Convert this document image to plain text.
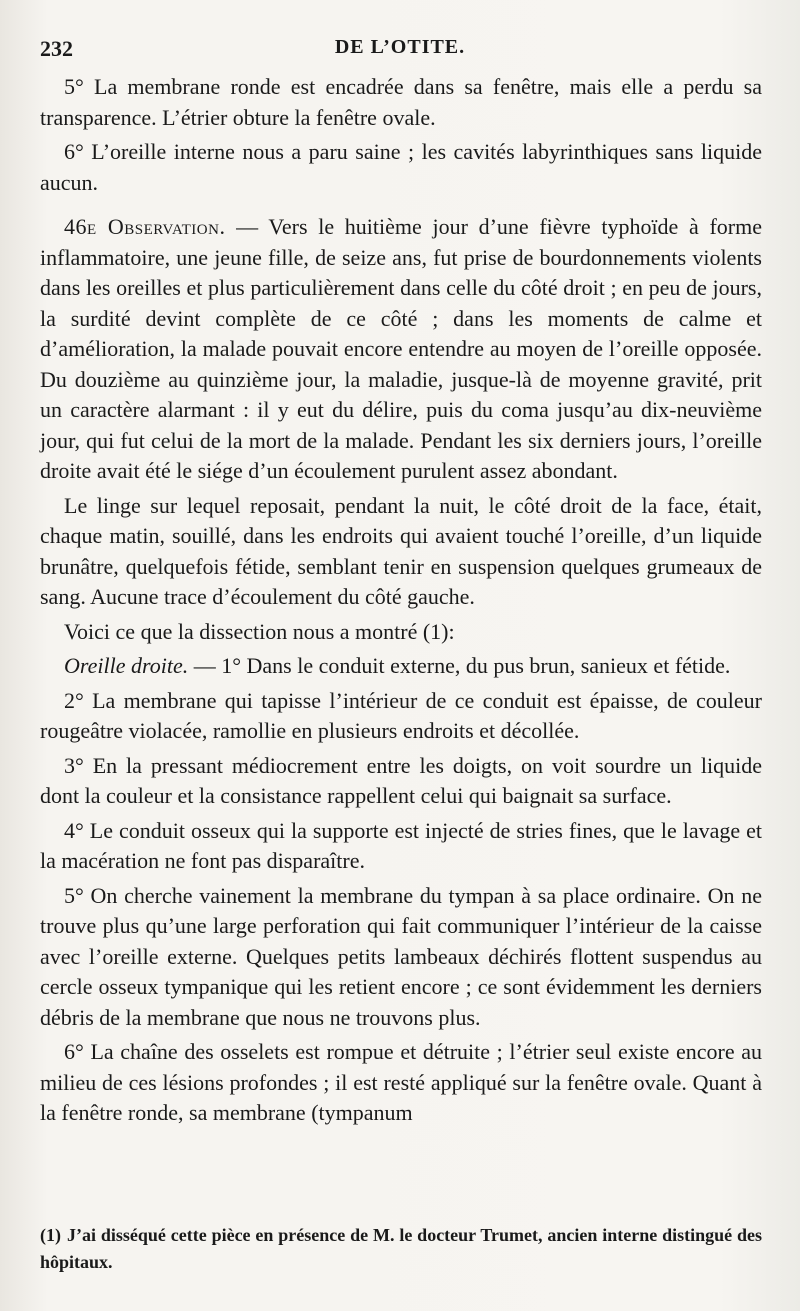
232	DE L’OTITE.

5° La membrane ronde est encadrée dans sa fenêtre, mais elle a perdu sa transparence. L’étrier obture la fenêtre ovale.

6° L’oreille interne nous a paru saine ; les cavités labyrinthiques sans liquide aucun.

46e Observation. — Vers le huitième jour d’une fièvre typhoïde à forme inflammatoire, une jeune fille, de seize ans, fut prise de bourdonnements violents dans les oreilles et plus particulièrement dans celle du côté droit ; en peu de jours, la surdité devint complète de ce côté ; dans les moments de calme et d’amélioration, la malade pouvait encore entendre au moyen de l’oreille opposée. Du douzième au quinzième jour, la maladie, jusque-là de moyenne gravité, prit un caractère alarmant : il y eut du délire, puis du coma jusqu’au dix-neuvième jour, qui fut celui de la mort de la malade. Pendant les six derniers jours, l’oreille droite avait été le siége d’un écoulement purulent assez abondant.

Le linge sur lequel reposait, pendant la nuit, le côté droit de la face, était, chaque matin, souillé, dans les endroits qui avaient touché l’oreille, d’un liquide brunâtre, quelquefois fétide, semblant tenir en suspension quelques grumeaux de sang. Aucune trace d’écoulement du côté gauche.

Voici ce que la dissection nous a montré (1):

Oreille droite. — 1° Dans le conduit externe, du pus brun, sanieux et fétide.

2° La membrane qui tapisse l’intérieur de ce conduit est épaisse, de couleur rougeâtre violacée, ramollie en plusieurs endroits et décollée.

3° En la pressant médiocrement entre les doigts, on voit sourdre un liquide dont la couleur et la consistance rappellent celui qui baignait sa surface.

4° Le conduit osseux qui la supporte est injecté de stries fines, que le lavage et la macération ne font pas disparaître.

5° On cherche vainement la membrane du tympan à sa place ordinaire. On ne trouve plus qu’une large perforation qui fait communiquer l’intérieur de la caisse avec l’oreille externe. Quelques petits lambeaux déchirés flottent suspendus au cercle osseux tympanique qui les retient encore ; ce sont évidemment les derniers débris de la membrane que nous ne trouvons plus.

6° La chaîne des osselets est rompue et détruite ; l’étrier seul existe encore au milieu de ces lésions profondes ; il est resté appliqué sur la fenêtre ovale. Quant à la fenêtre ronde, sa membrane (tympanum

(1) J’ai disséqué cette pièce en présence de M. le docteur Trumet, ancien interne distingué des hôpitaux.
